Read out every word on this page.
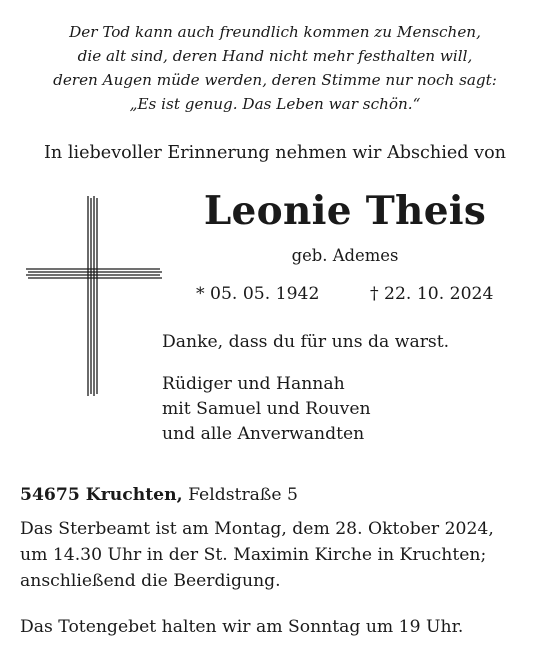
Der Tod kann auch freundlich kommen zu Menschen,
die alt sind, deren Hand nicht mehr festhalten will,
deren Augen müde werden, deren Stimme nur noch sagt:
„Es ist genug. Das Leben war schön.“
In liebevoller Erinnerung nehmen wir Abschied von
Leonie Theis
geb. Ademes
* 05. 05. 1942	† 22. 10. 2024
Danke, dass du für uns da warst.
Rüdiger und Hannah
mit Samuel und Rouven
und alle Anverwandten
54675 Kruchten, Feldstraße 5
Das Sterbeamt ist am Montag, dem 28. Oktober 2024,
um 14.30 Uhr in der St. Maximin Kirche in Kruchten;
anschließend die Beerdigung.
Das Totengebet halten wir am Sonntag um 19 Uhr.
